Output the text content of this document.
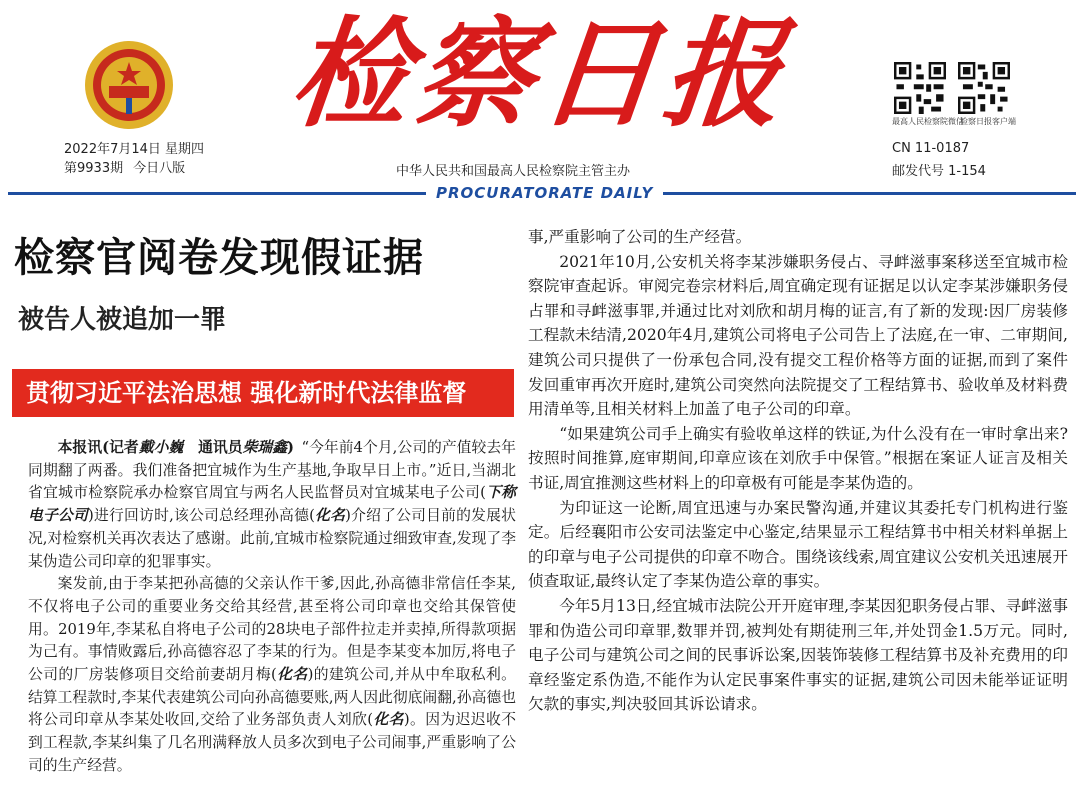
2022年7月14日 星期四
第9933期 今日八版
检察日报
中华人民共和国最高人民检察院主管主办
最高人民检察院微信
检察日报客户端
CN 11-0187
邮发代号 1-154
PROCURATORATE DAILY
检察官阅卷发现假证据
被告人被追加一罪
贯彻习近平法治思想 强化新时代法律监督

本报讯(记者戴小巍  通讯员柴瑞鑫)  “今年前4个月,公司的产值较去年同期翻了两番。我们准备把宜城作为生产基地,争取早日上市。”近日,当湖北省宜城市检察院承办检察官周宜与两名人民监督员对宜城某电子公司(下称电子公司)进行回访时,该公司总经理孙高德(化名)介绍了公司目前的发展状况,对检察机关再次表达了感谢。此前,宜城市检察院通过细致审查,发现了李某伪造公司印章的犯罪事实。

案发前,由于李某把孙高德的父亲认作干爹,因此,孙高德非常信任李某,不仅将电子公司的重要业务交给其经营,甚至将公司印章也交给其保管使用。2019年,李某私自将电子公司的28块电子部件拉走并卖掉,所得款项据为己有。事情败露后,孙高德容忍了李某的行为。但是李某变本加厉,将电子公司的厂房装修项目交给前妻胡月梅(化名)的建筑公司,并从中牟取私利。结算工程款时,李某代表建筑公司向孙高德要账,两人因此彻底闹翻,孙高德也将公司印章从李某处收回,交给了业务部负责人刘欣(化名)。因为迟迟收不到工程款,李某纠集了几名刑满释放人员多次到电子公司闹事,严重影响了公司的生产经营。

事,严重影响了公司的生产经营。

2021年10月,公安机关将李某涉嫌职务侵占、寻衅滋事案移送至宜城市检察院审查起诉。审阅完卷宗材料后,周宜确定现有证据足以认定李某涉嫌职务侵占罪和寻衅滋事罪,并通过比对刘欣和胡月梅的证言,有了新的发现:因厂房装修工程款未结清,2020年4月,建筑公司将电子公司告上了法庭,在一审、二审期间,建筑公司只提供了一份承包合同,没有提交工程价格等方面的证据,而到了案件发回重审再次开庭时,建筑公司突然向法院提交了工程结算书、验收单及材料费用清单等,且相关材料上加盖了电子公司的印章。

“如果建筑公司手上确实有验收单这样的铁证,为什么没有在一审时拿出来?按照时间推算,庭审期间,印章应该在刘欣手中保管。”根据在案证人证言及相关书证,周宜推测这些材料上的印章极有可能是李某伪造的。

为印证这一论断,周宜迅速与办案民警沟通,并建议其委托专门机构进行鉴定。后经襄阳市公安司法鉴定中心鉴定,结果显示工程结算书中相关材料单据上的印章与电子公司提供的印章不吻合。围绕该线索,周宜建议公安机关迅速展开侦查取证,最终认定了李某伪造公章的事实。

今年5月13日,经宜城市法院公开开庭审理,李某因犯职务侵占罪、寻衅滋事罪和伪造公司印章罪,数罪并罚,被判处有期徒刑三年,并处罚金1.5万元。同时,电子公司与建筑公司之间的民事诉讼案,因装饰装修工程结算书及补充费用的印章经鉴定系伪造,不能作为认定民事案件事实的证据,建筑公司因未能举证证明欠款的事实,判决驳回其诉讼请求。
